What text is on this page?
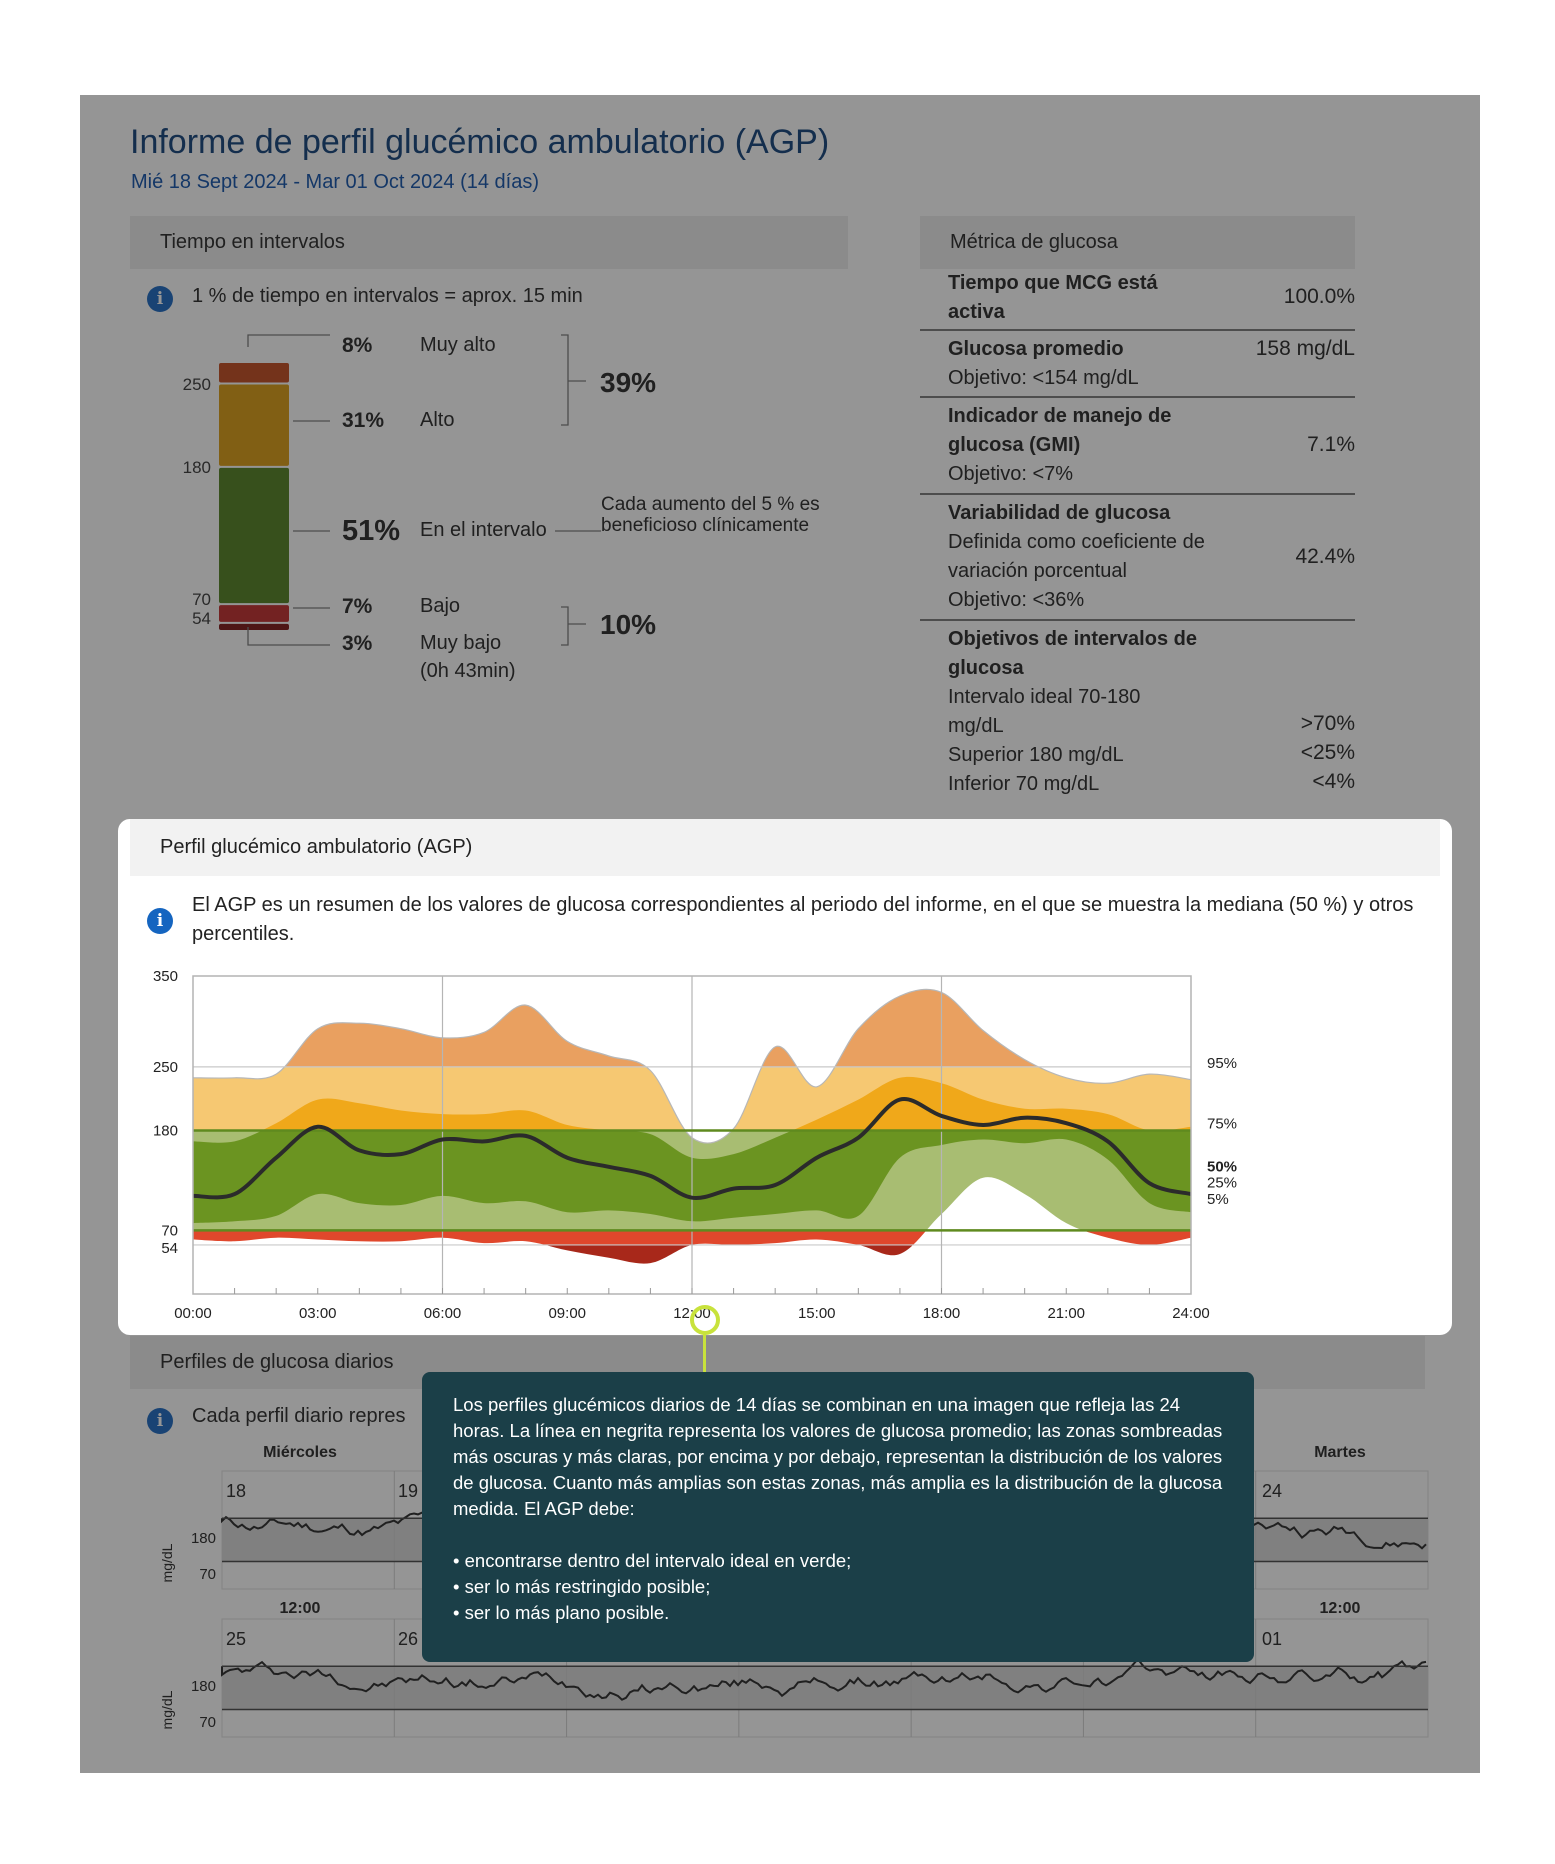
Informe de perfil glucémico ambulatorio (AGP)
Mié 18 Sept 2024 - Mar 01 Oct 2024 (14 días)
Tiempo en intervalos
i	1 % de tiempo en intervalos = aprox. 15 min
250
180
70
54
8% Muy alto
31% Alto
51% En el intervalo
7% Bajo
3% Muy bajo
(0h 43min)
39%
10%
Cada aumento del 5 % es beneficioso clínicamente
Métrica de glucosa
Tiempo que MCG está activa
100.0%
Glucosa promedio
Objetivo: <154 mg/dL
158 mg/dL
Indicador de manejo de glucosa (GMI)
Objetivo: <7%
7.1%
Variabilidad de glucosa
Definida como coeficiente de variación porcentual
Objetivo: <36%
42.4%
Objetivos de intervalos de glucosa
Intervalo ideal 70-180 mg/dL	>70%
Superior 180 mg/dL	<25%
Inferior 70 mg/dL	<4%
Perfiles de glucosa diarios
i	Cada perfil diario repres
Miércoles	Martes
12:00	12:00
180
70
180
70
mg/dL
mg/dL
18	19	24
25	26	01
Perfil glucémico ambulatorio (AGP)
i
El AGP es un resumen de los valores de glucosa correspondientes al periodo del informe, en el que se muestra la mediana (50 %) y otros percentiles.
350
250
180
70
54
00:00	03:00	06:00	09:00	12:00	15:00	18:00	21:00	24:00
95%
75%
50%
25%
5%

Los perfiles glucémicos diarios de 14 días se combinan en una imagen que refleja las 24 horas. La línea en negrita representa los valores de glucosa promedio; las zonas sombreadas más oscuras y más claras, por encima y por debajo, representan la distribución de los valores de glucosa. Cuanto más amplias son estas zonas, más amplia es la distribución de la glucosa medida. El AGP debe:

• encontrarse dentro del intervalo ideal en verde;
• ser lo más restringido posible;
• ser lo más plano posible.
